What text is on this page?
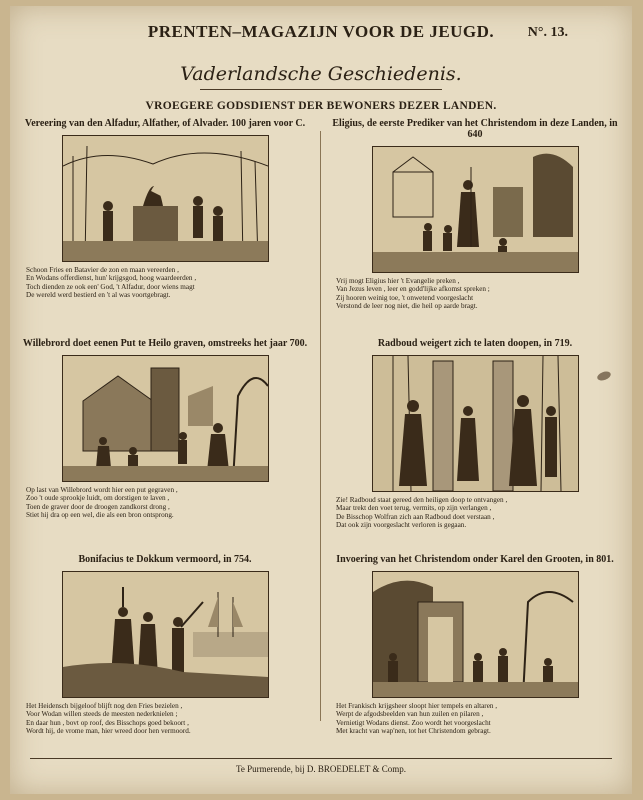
PRENTEN–MAGAZIJN VOOR DE JEUGD.	N°. 13.
Vaderlandsche Geschiedenis.
VROEGERE GODSDIENST DER BEWONERS DEZER LANDEN.
Vereering van den Alfadur, Alfather, of Alvader. 100 jaren voor C.
Schoon Fries en Batavier de zon en maan vereerden ,
En Wodans offerdienst, hun' krijgsgod, hoog waardeerden ,
Toch dienden ze ook een' God, 't Alfadur, door wiens magt
De wereld werd bestierd en 't al was voortgebragt.
Eligius, de eerste Prediker van het Christendom in deze Landen, in 640
Vrij mogt Eligius hier 't Evangelie preken ,
Van Jezus leven , leer en godd'lijke afkomst spreken ;
Zij hooren weinig toe, 't onwetend voorgeslacht
Verstond de leer nog niet, die heil op aarde bragt.
Willebrord doet eenen Put te Heilo graven, omstreeks het jaar 700.
Op last van Willebrord wordt hier een put gegraven ,
Zoo 't oude sprookje luidt, om dorstigen te laven ,
Toen de graver door de droogen zandkorst drong ,
Stiet hij dra op een wel, die als een bron ontsprong.
Radboud weigert zich te laten doopen, in 719.
Zie! Radboud staat gereed den heiligen doop te ontvangen ,
Maar trekt den voet terug, vermits, op zijn verlangen ,
De Bisschop Wolfran zich aan Radboud doet verstaan ,
Dat ook zijn voorgeslacht verloren is gegaan.
Bonifacius te Dokkum vermoord, in 754.
Het Heidensch bijgeloof blijft nog den Fries bezielen ,
Voor Wodan willen steeds de meesten nederknielen ;
En daar hun , bovt op roof, des Bisschops goed bekoort ,
Wordt hij, de vrome man, hier wreed door hen vermoord.
Invoering van het Christendom onder Karel den Grooten, in 801.
Het Frankisch krijgsheer sloopt hier tempels en altaren ,
Werpt de afgodsbeelden van hun zuilen en pilaren ,
Vernietigt Wodans dienst. Zoo wordt het voorgeslacht
Met kracht van wap'nen, tot het Christendom gebragt.
Te Purmerende, bij D. BROEDELET & Comp.
